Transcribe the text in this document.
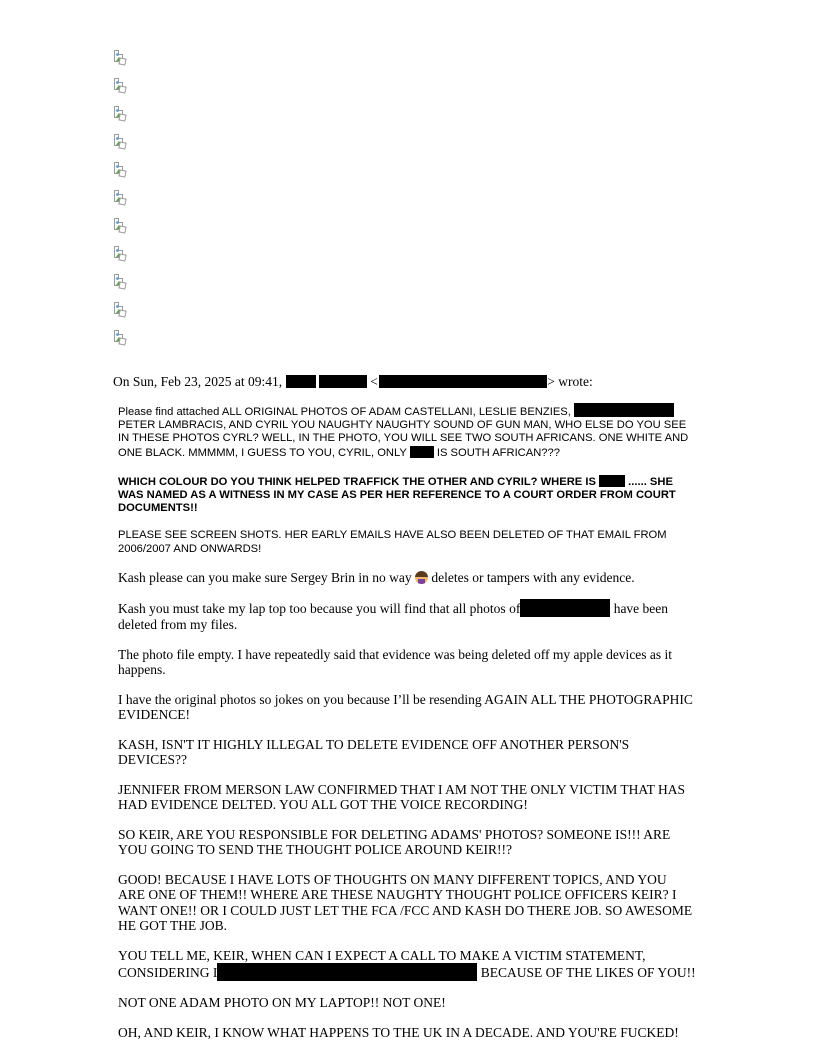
On Sun, Feb 23, 2025 at 09:41,	<	> wrote:

Please find attached ALL ORIGINAL PHOTOS OF ADAM CASTELLANI, LESLIE BENZIES,  PETER LAMBRACIS, AND CYRIL YOU NAUGHTY NAUGHTY SOUND OF GUN MAN, WHO ELSE DO YOU SEE IN THESE PHOTOS CYRL? WELL, IN THE PHOTO, YOU WILL SEE TWO SOUTH AFRICANS. ONE WHITE AND ONE BLACK. MMMMM, I GUESS TO YOU, CYRIL, ONLY	IS SOUTH AFRICAN???

WHICH COLOUR DO YOU THINK HELPED TRAFFICK THE OTHER AND CYRIL? WHERE IS	...... SHE WAS NAMED AS A WITNESS IN MY CASE AS PER HER REFERENCE TO A COURT ORDER FROM COURT DOCUMENTS!!

PLEASE SEE SCREEN SHOTS. HER EARLY EMAILS HAVE ALSO BEEN DELETED OF THAT EMAIL FROM 2006/2007 AND ONWARDS!

Kash please can you make sure Sergey Brin in no way deletes or tampers with any evidence.

Kash you must take my lap top too because you will find that all photos of	have been deleted from my files.

The photo file empty. I have repeatedly said that evidence was being deleted off my apple devices as it happens.

I have the original photos so jokes on you because I’ll be resending AGAIN ALL THE PHOTOGRAPHIC EVIDENCE!

KASH, ISN'T IT HIGHLY ILLEGAL TO DELETE EVIDENCE OFF ANOTHER PERSON'S DEVICES??

JENNIFER FROM MERSON LAW CONFIRMED THAT I AM NOT THE ONLY VICTIM THAT HAS HAD EVIDENCE DELTED. YOU ALL GOT THE VOICE RECORDING!

SO KEIR, ARE YOU RESPONSIBLE FOR DELETING ADAMS' PHOTOS? SOMEONE IS!!! ARE YOU GOING TO SEND THE THOUGHT POLICE AROUND KEIR!!?

GOOD! BECAUSE I HAVE LOTS OF THOUGHTS ON MANY DIFFERENT TOPICS, AND YOU ARE ONE OF THEM!! WHERE ARE THESE NAUGHTY THOUGHT POLICE OFFICERS KEIR? I WANT ONE!! OR I COULD JUST LET THE FCA /FCC AND KASH DO THERE JOB. SO AWESOME HE GOT THE JOB.

YOU TELL ME, KEIR, WHEN CAN I EXPECT A CALL TO MAKE A VICTIM STATEMENT, CONSIDERING I	BECAUSE OF THE LIKES OF YOU!!

NOT ONE ADAM PHOTO ON MY LAPTOP!! NOT ONE!

OH, AND KEIR, I KNOW WHAT HAPPENS TO THE UK IN A DECADE. AND YOU'RE FUCKED!
